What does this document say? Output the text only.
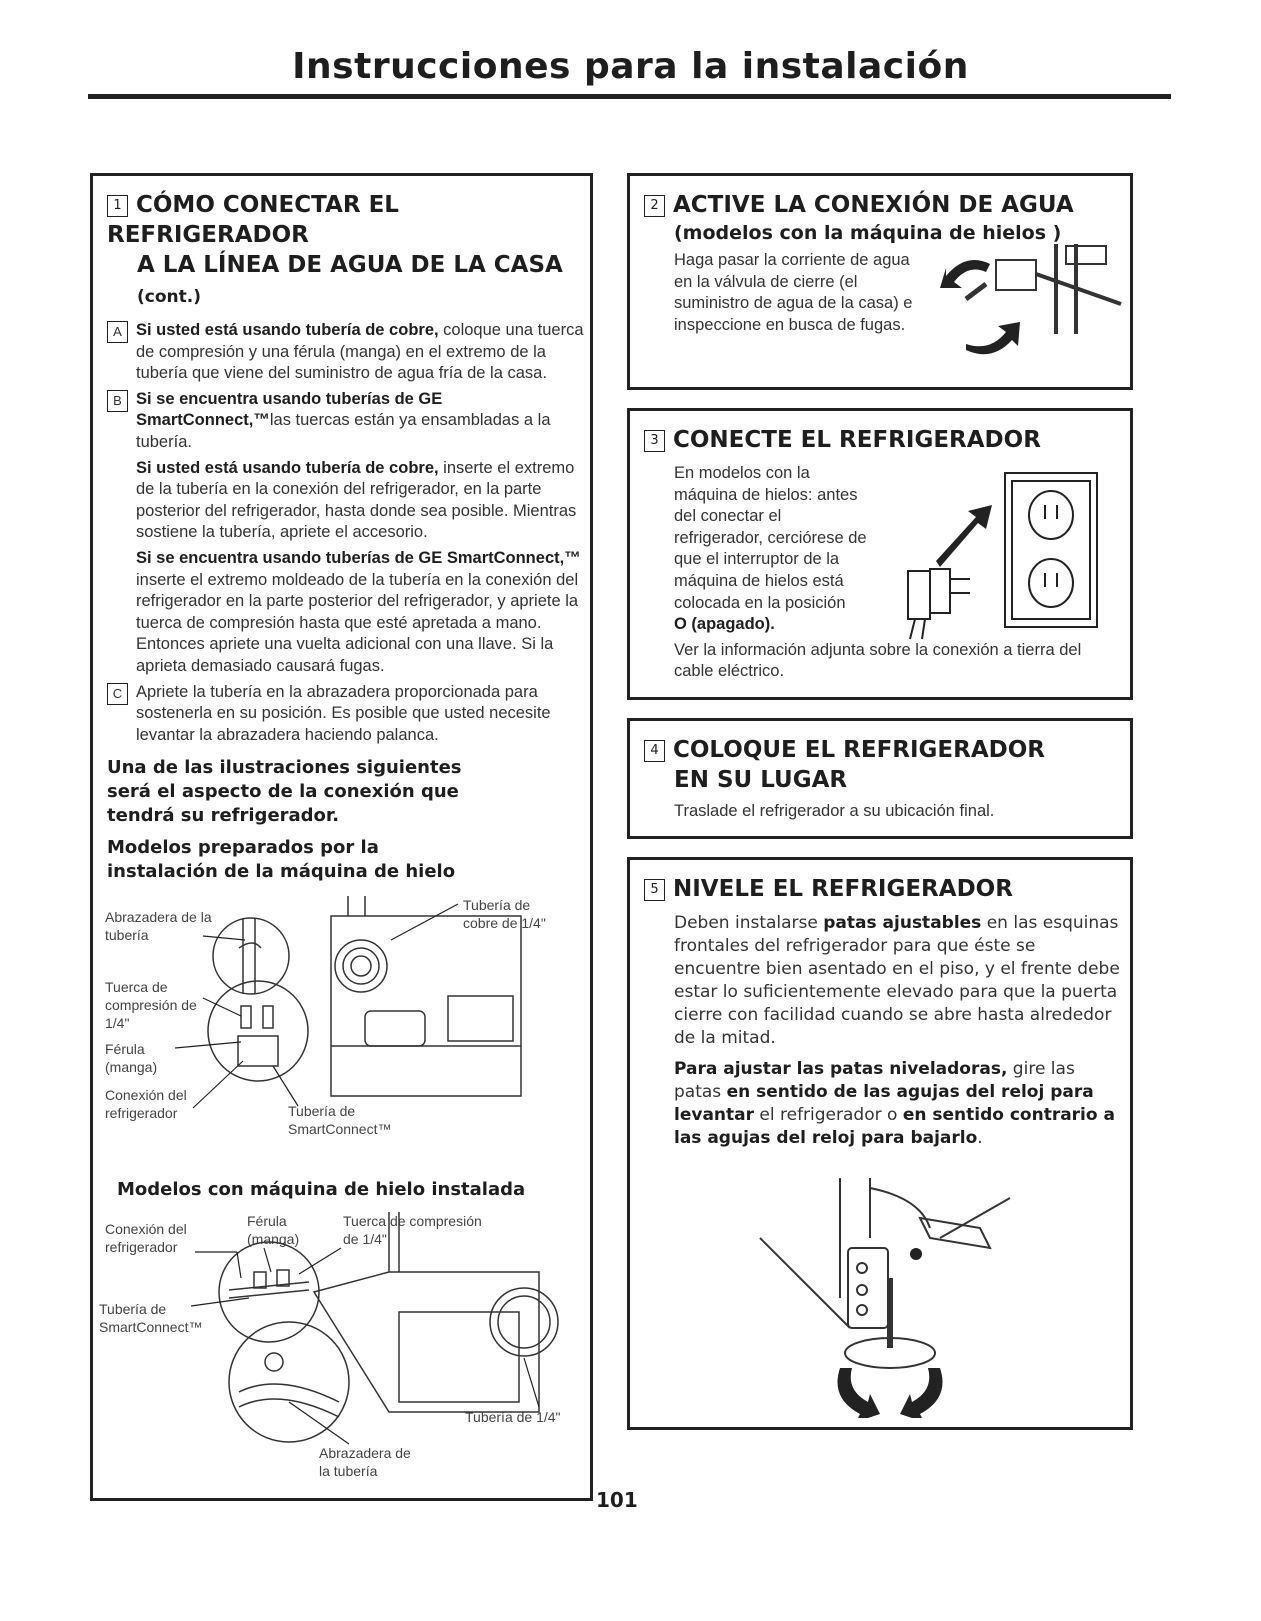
Instrucciones para la instalación
1 CÓMO CONECTAR EL REFRIGERADOR
A LA LÍNEA DE AGUA DE LA CASA (cont.)
A Si usted está usando tubería de cobre, coloque una tuerca de compresión y una férula (manga) en el extremo de la tubería que viene del suministro de agua fría de la casa.
B Si se encuentra usando tuberías de GE SmartConnect,™las tuercas están ya ensambladas a la tubería.
Si usted está usando tubería de cobre, inserte el extremo de la tubería en la conexión del refrigerador, en la parte posterior del refrigerador, hasta donde sea posible. Mientras sostiene la tubería, apriete el accesorio.
Si se encuentra usando tuberías de GE SmartConnect,™ inserte el extremo moldeado de la tubería en la conexión del refrigerador en la parte posterior del refrigerador, y apriete la tuerca de compresión hasta que esté apretada a mano. Entonces apriete una vuelta adicional con una llave. Si la aprieta demasiado causará fugas.
C Apriete la tubería en la abrazadera proporcionada para sostenerla en su posición. Es posible que usted necesite levantar la abrazadera haciendo palanca.
Una de las ilustraciones siguientes será el aspecto de la conexión que tendrá su refrigerador.
Modelos preparados por la instalación de la máquina de hielo
Abrazadera de la tubería
Tuerca de compresión de 1/4"
Férula (manga)
Conexión del refrigerador
Tubería de cobre de 1/4"
Tubería de SmartConnect™
Modelos con máquina de hielo instalada
Conexión del refrigerador
Férula (manga)
Tuerca de compresión de 1/4"
Tubería de SmartConnect™
Tubería de 1/4"
Abrazadera de la tubería
2 ACTIVE LA CONEXIÓN DE AGUA
(modelos con la máquina de hielos )
Haga pasar la corriente de agua en la válvula de cierre (el suministro de agua de la casa) e inspeccione en busca de fugas.
3 CONECTE EL REFRIGERADOR
En modelos con la máquina de hielos: antes del conectar el refrigerador, cerciórese de que el interruptor de la máquina de hielos está colocada en la posición
O (apagado).
Ver la información adjunta sobre la conexión a tierra del cable eléctrico.
4 COLOQUE EL REFRIGERADOR
EN SU LUGAR
Traslade el refrigerador a su ubicación final.
5 NIVELE EL REFRIGERADOR
Deben instalarse patas ajustables en las esquinas frontales del refrigerador para que éste se encuentre bien asentado en el piso, y el frente debe estar lo suficientemente elevado para que la puerta cierre con facilidad cuando se abre hasta alrededor de la mitad.
Para ajustar las patas niveladoras, gire las patas en sentido de las agujas del reloj para levantar el refrigerador o en sentido contrario a las agujas del reloj para bajarlo.
101
